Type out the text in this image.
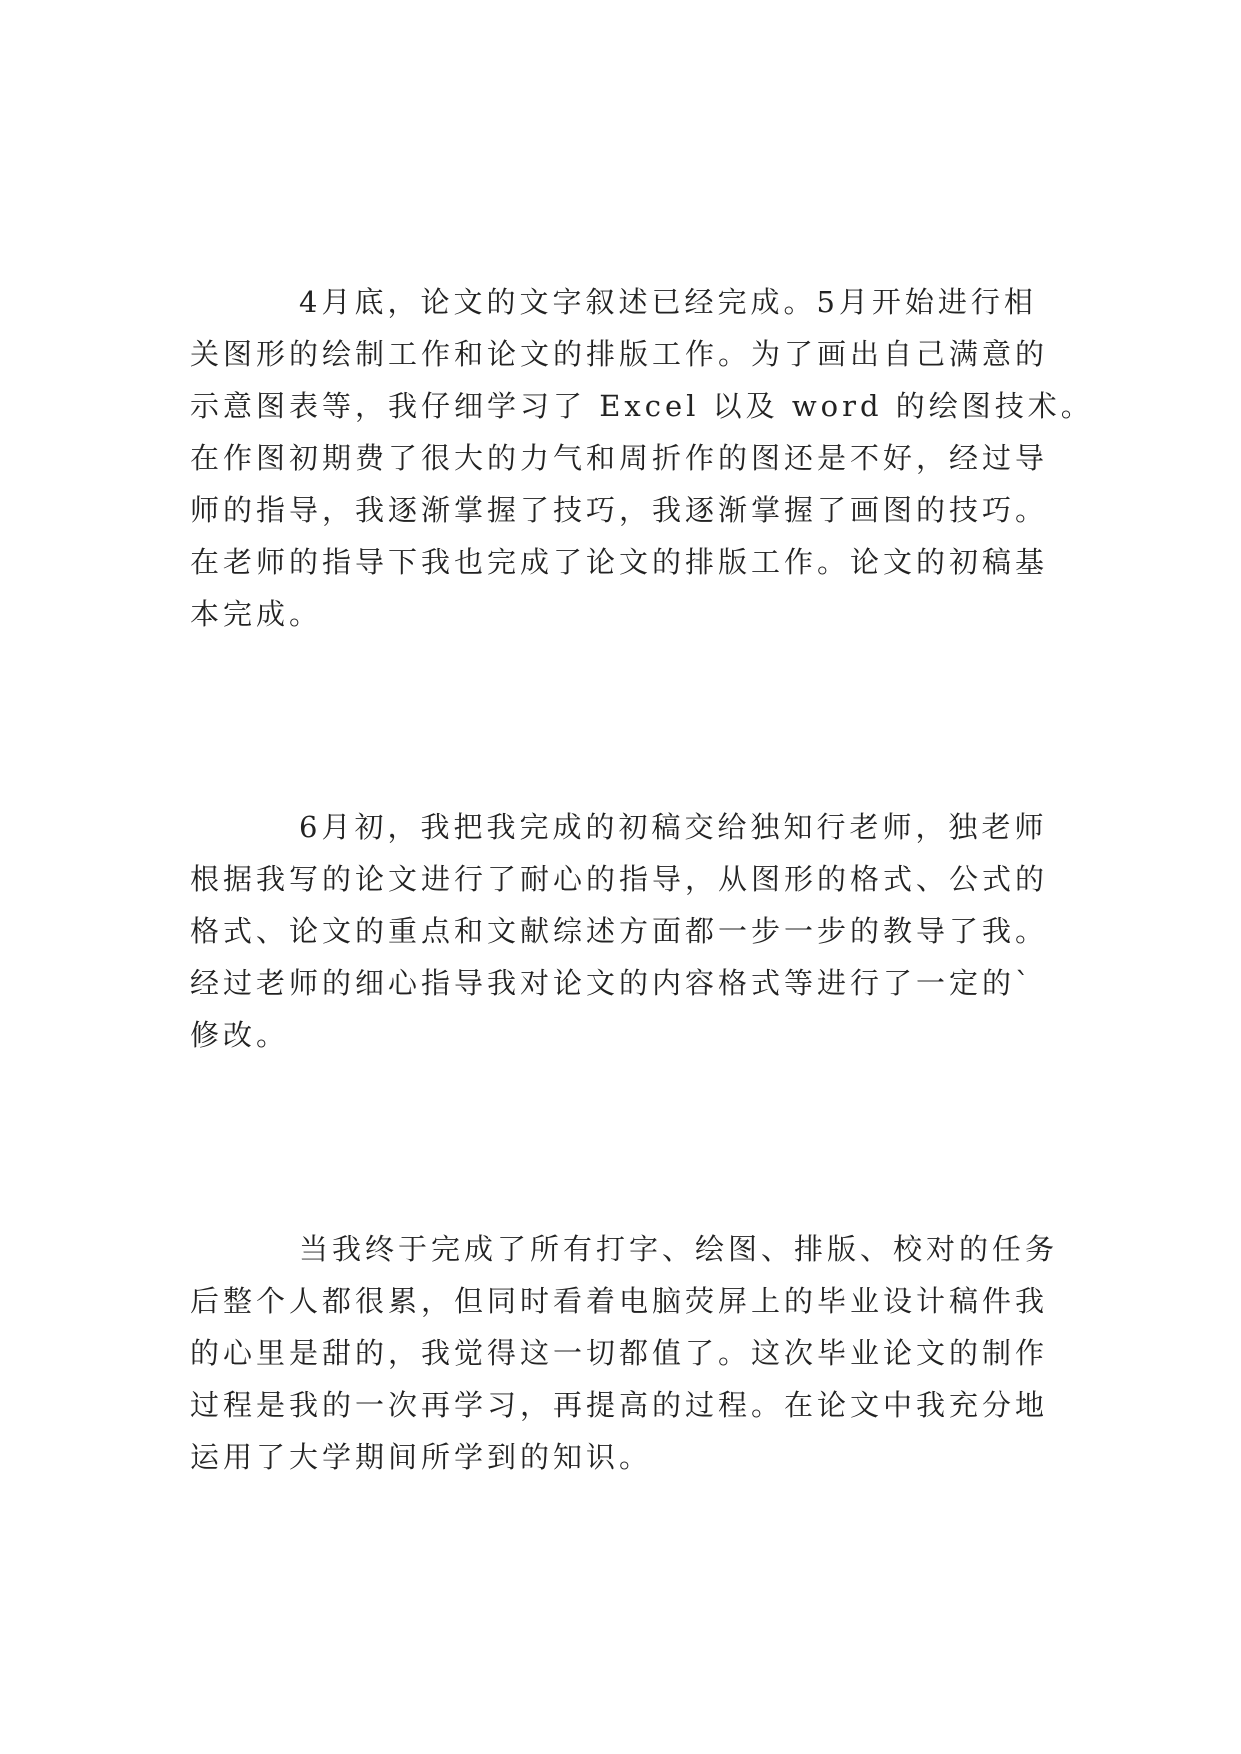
4月底，论文的文字叙述已经完成。5月开始进行相
关图形的绘制工作和论文的排版工作。为了画出自己满意的
示意图表等，我仔细学习了 Excel 以及 word 的绘图技术。
在作图初期费了很大的力气和周折作的图还是不好，经过导
师的指导，我逐渐掌握了技巧，我逐渐掌握了画图的技巧。
在老师的指导下我也完成了论文的排版工作。论文的初稿基
本完成。
6月初，我把我完成的初稿交给独知行老师，独老师
根据我写的论文进行了耐心的指导，从图形的格式、公式的
格式、论文的重点和文献综述方面都一步一步的教导了我。
经过老师的细心指导我对论文的内容格式等进行了一定的`
修改。
当我终于完成了所有打字、绘图、排版、校对的任务
后整个人都很累，但同时看着电脑荧屏上的毕业设计稿件我
的心里是甜的，我觉得这一切都值了。这次毕业论文的制作
过程是我的一次再学习，再提高的过程。在论文中我充分地
运用了大学期间所学到的知识。
